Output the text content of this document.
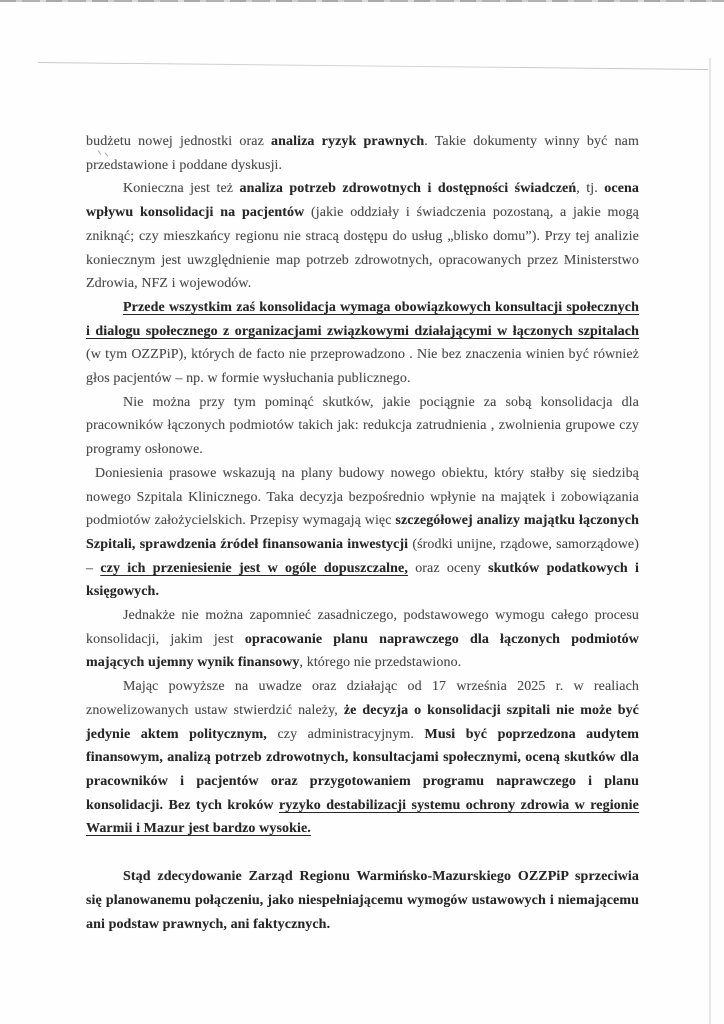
budżetu nowej jednostki oraz analiza ryzyk prawnych. Takie dokumenty winny być nam przedstawione i poddane dyskusji.

Konieczna jest też analiza potrzeb zdrowotnych i dostępności świadczeń, tj. ocena wpływu konsolidacji na pacjentów (jakie oddziały i świadczenia pozostaną, a jakie mogą zniknąć; czy mieszkańcy regionu nie stracą dostępu do usług „blisko domu”). Przy tej analizie koniecznym jest uwzględnienie map potrzeb zdrowotnych, opracowanych przez Ministerstwo Zdrowia, NFZ i wojewodów.

Przede wszystkim zaś konsolidacja wymaga obowiązkowych konsultacji społecznych i dialogu społecznego z organizacjami związkowymi działającymi w łączonych szpitalach (w tym OZZPiP), których de facto nie przeprowadzono . Nie bez znaczenia winien być również głos pacjentów – np. w formie wysłuchania publicznego.

Nie można przy tym pominąć skutków, jakie pociągnie za sobą konsolidacja dla pracowników łączonych podmiotów takich jak: redukcja zatrudnienia , zwolnienia grupowe czy programy osłonowe.

Doniesienia prasowe wskazują na plany budowy nowego obiektu, który stałby się siedzibą nowego Szpitala Klinicznego. Taka decyzja bezpośrednio wpłynie na majątek i zobowiązania podmiotów założycielskich. Przepisy wymagają więc szczegółowej analizy majątku łączonych Szpitali, sprawdzenia źródeł finansowania inwestycji (środki unijne, rządowe, samorządowe) – czy ich przeniesienie jest w ogóle dopuszczalne, oraz oceny skutków podatkowych i księgowych.

Jednakże nie można zapomnieć zasadniczego, podstawowego wymogu całego procesu konsolidacji, jakim jest opracowanie planu naprawczego dla łączonych podmiotów mających ujemny wynik finansowy, którego nie przedstawiono.

Mając powyższe na uwadze oraz działając od 17 września 2025 r. w realiach znowelizowanych ustaw stwierdzić należy, że decyzja o konsolidacji szpitali nie może być jedynie aktem politycznym, czy administracyjnym. Musi być poprzedzona audytem finansowym, analizą potrzeb zdrowotnych, konsultacjami społecznymi, oceną skutków dla pracowników i pacjentów oraz przygotowaniem programu naprawczego i planu konsolidacji. Bez tych kroków ryzyko destabilizacji systemu ochrony zdrowia w regionie Warmii i Mazur jest bardzo wysokie.

Stąd zdecydowanie Zarząd Regionu Warmińsko-Mazurskiego OZZPiP sprzeciwia się planowanemu połączeniu, jako niespełniającemu wymogów ustawowych i niemającemu ani podstaw prawnych, ani faktycznych.
